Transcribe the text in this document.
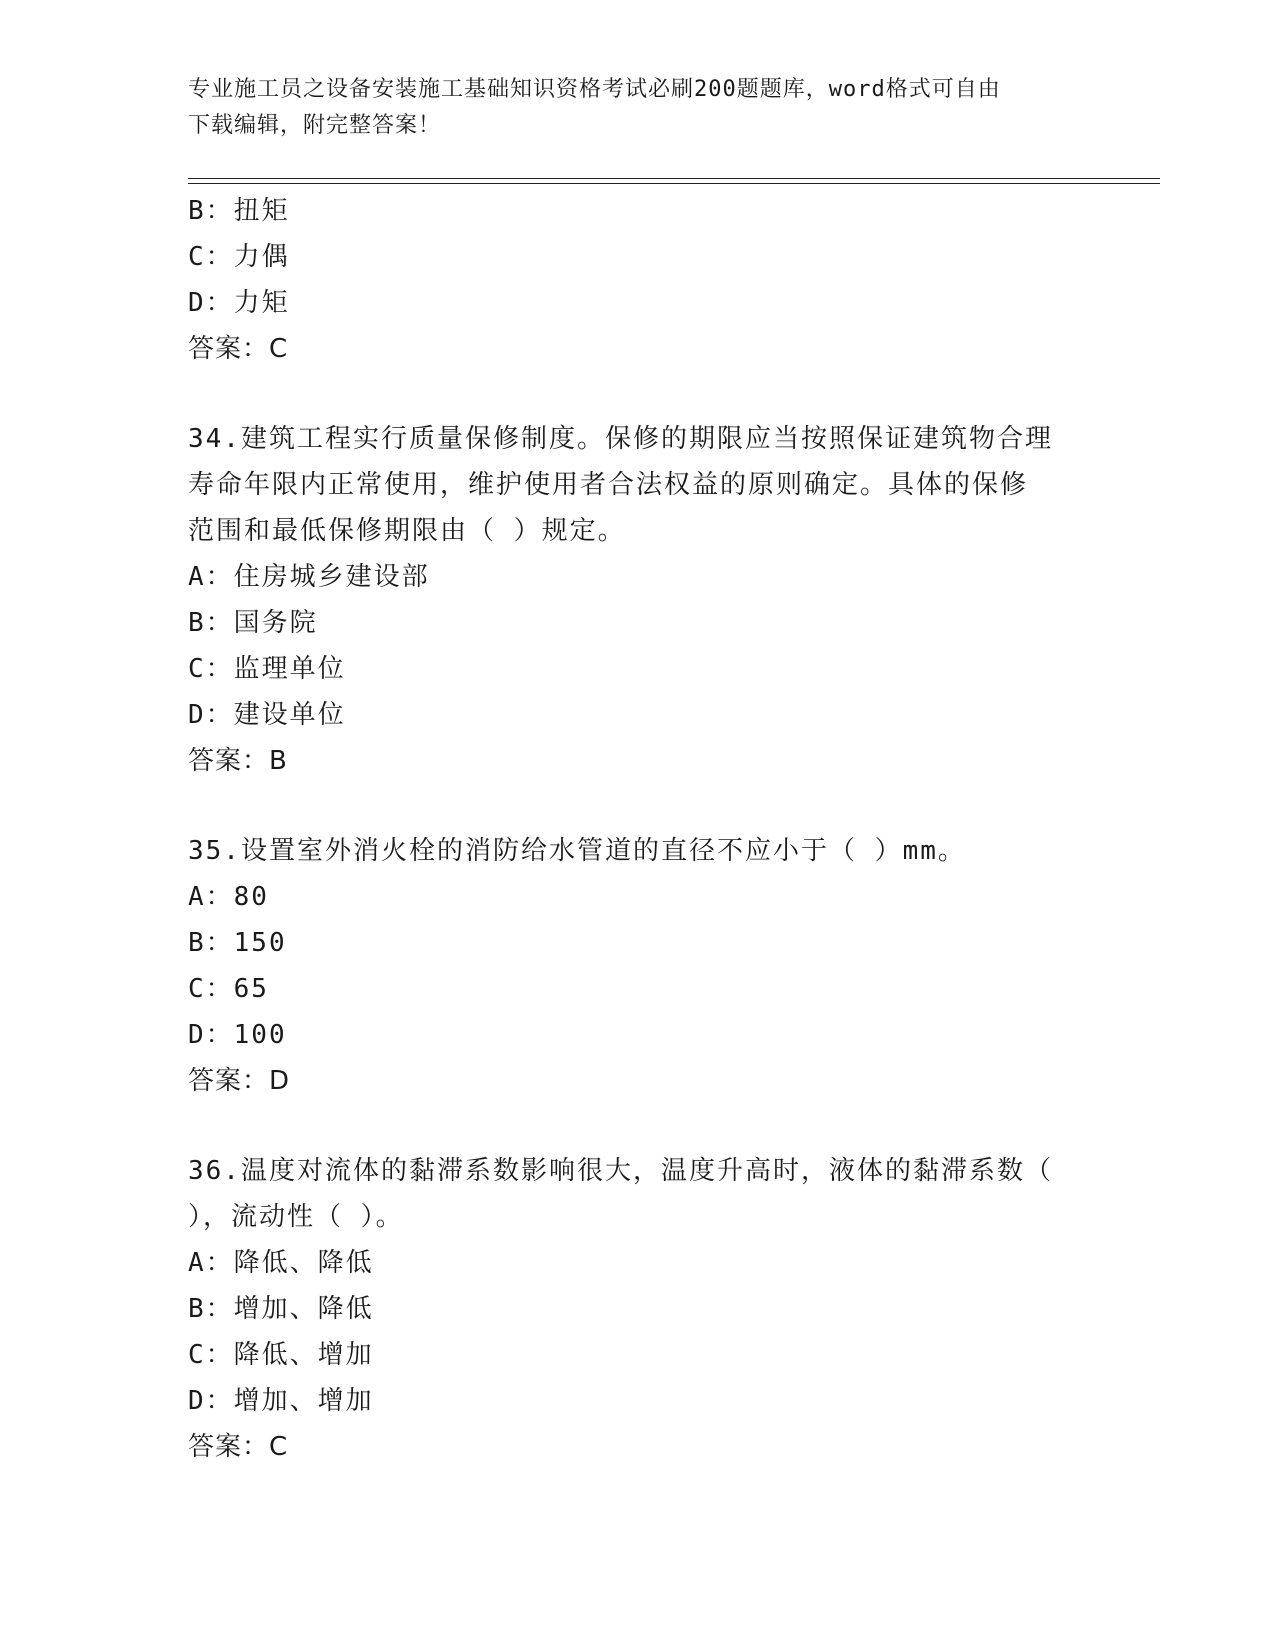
专业施工员之设备安装施工基础知识资格考试必刷200题题库，word格式可自由
下载编辑，附完整答案！
B：扭矩
C：力偶
D：力矩
答案：C
34.建筑工程实行质量保修制度。保修的期限应当按照保证建筑物合理
寿命年限内正常使用，维护使用者合法权益的原则确定。具体的保修
范围和最低保修期限由（ ）规定。
A：住房城乡建设部
B：国务院
C：监理单位
D：建设单位
答案：B
35.设置室外消火栓的消防给水管道的直径不应小于（ ）mm。
A：80
B：150
C：65
D：100
答案：D
36.温度对流体的黏滞系数影响很大，温度升高时，液体的黏滞系数（
），流动性（ ）。
A：降低、降低
B：增加、降低
C：降低、增加
D：增加、增加
答案：C
